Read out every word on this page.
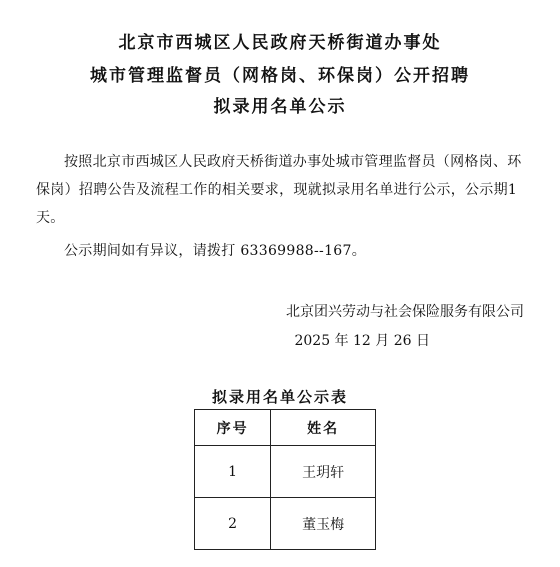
北京市西城区人民政府天桥街道办事处
城市管理监督员（网格岗、环保岗）公开招聘
拟录用名单公示
按照北京市西城区人民政府天桥街道办事处城市管理监督员（网格岗、环保岗）招聘公告及流程工作的相关要求，现就拟录用名单进行公示，公示期1天。
公示期间如有异议，请拨打 63369988--167。
北京团兴劳动与社会保险服务有限公司
2025 年 12 月 26 日
拟录用名单公示表
序号	姓名
1	王玥轩
2	董玉梅
